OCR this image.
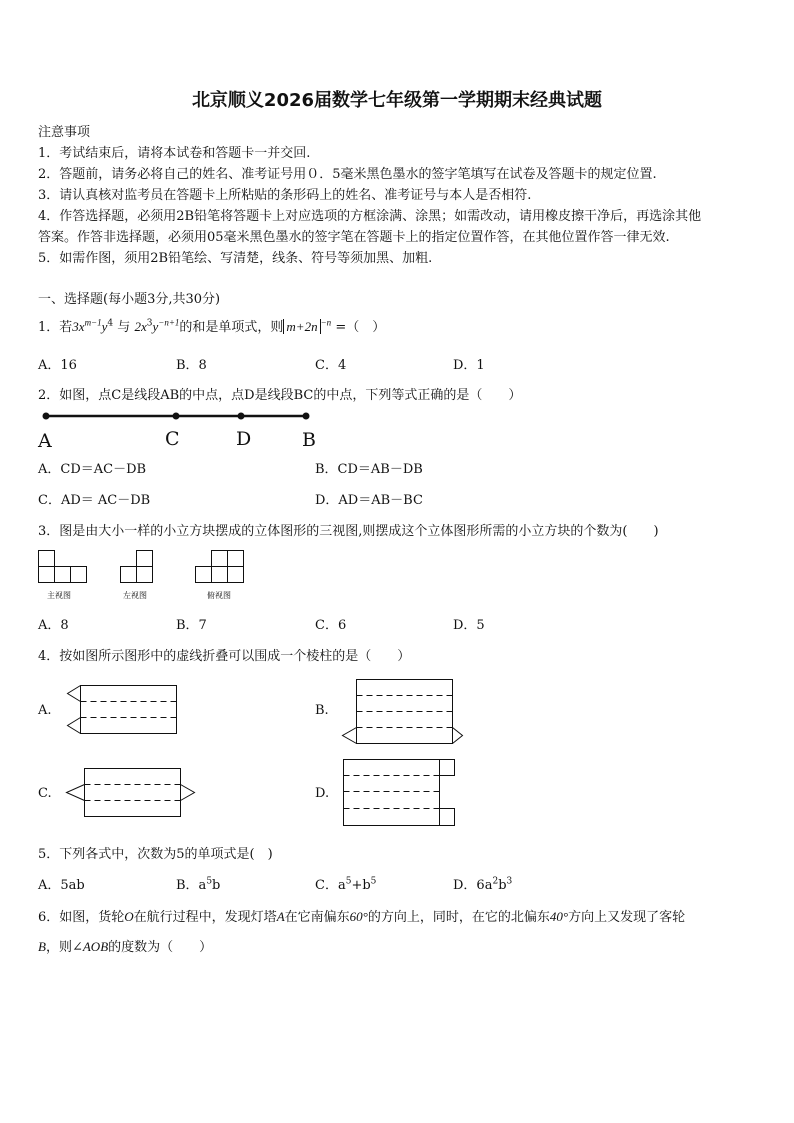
北京顺义2026届数学七年级第一学期期末经典试题
注意事项
1．考试结束后，请将本试卷和答题卡一并交回.
2．答题前，请务必将自己的姓名、准考证号用０．5毫米黑色墨水的签字笔填写在试卷及答题卡的规定位置.
3．请认真核对监考员在答题卡上所粘贴的条形码上的姓名、准考证号与本人是否相符.
4．作答选择题，必须用2B铅笔将答题卡上对应选项的方框涂满、涂黑；如需改动，请用橡皮擦干净后，再选涂其他
答案。作答非选择题，必须用05毫米黑色墨水的签字笔在答题卡上的指定位置作答，在其他位置作答一律无效.
5．如需作图，须用2B铅笔绘、写清楚，线条、符号等须加黑、加粗.
一、选择题(每小题3分,共30分)
1．若$3x^{m-1}y^4$ 与 $2x^3y^{-n+1}$的和是单项式，则 m+2n $^{-n}$ =（　）
A．16	B．8	C．4	D．1
2．如图，点C是线段AB的中点，点D是线段BC的中点，下列等式正确的是（　　）
A	C	D	B
A．CD＝AC－DB	B．CD＝AB－DB
C．AD＝ AC－DB	D．AD＝AB－BC
3．图是由大小一样的小立方块摆成的立体图形的三视图,则摆成这个立体图形所需的小立方块的个数为(　　)
主视图	左视图	俯视图
A．8	B．7	C．6	D．5
4．按如图所示图形中的虚线折叠可以围成一个棱柱的是（　　）
A.	B.
C.	D.
5．下列各式中，次数为5的单项式是(　)
A．5ab	B．$a^5b$	C．$a^5+b^5$	D．$6a^2b^3$
6．如图，货轮O在航行过程中，发现灯塔A在它南偏东60°的方向上，同时，在它的北偏东40°方向上又发现了客轮
B，则∠AOB的度数为（　　）
